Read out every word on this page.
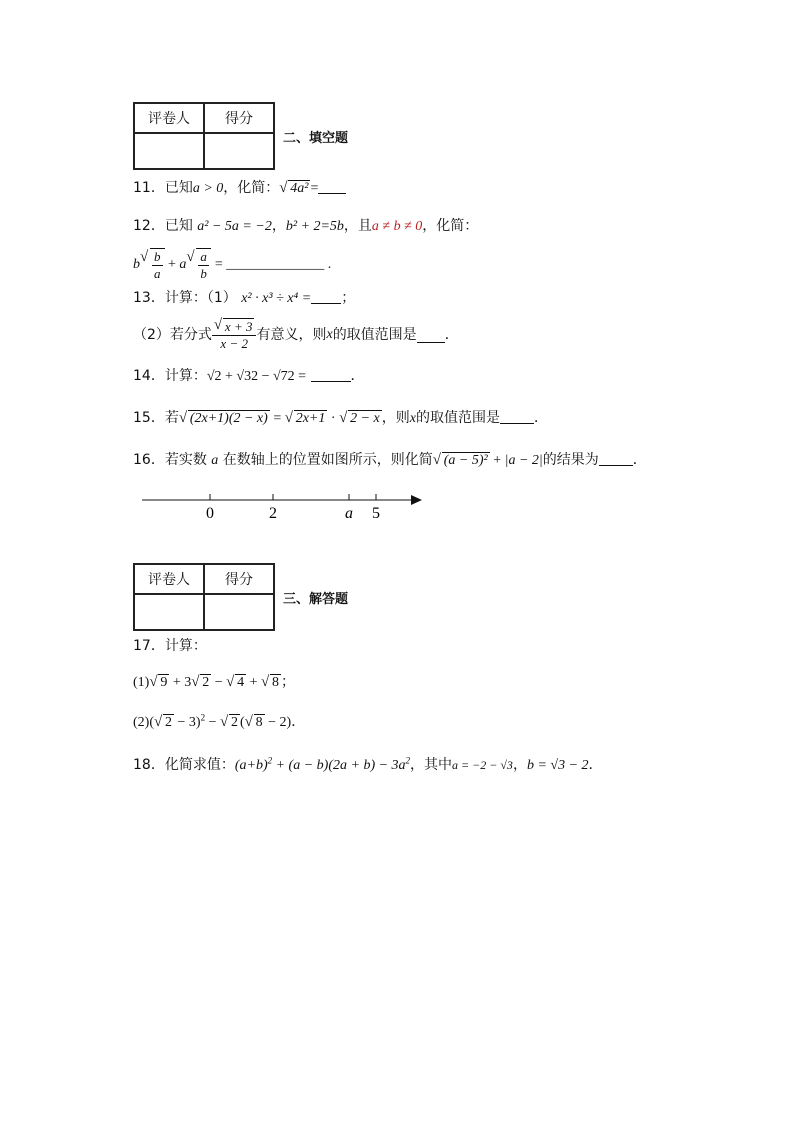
评卷人	得分

二、填空题
11．已知a > 0，化简： √ 4a² =
12．已知 a² − 5a = −2，b² + 2=5b，且a ≠ b ≠ 0，化简：
b √ $\frac{b}{a} + a$ √ $\frac{a}{b}$ = ______________ .
13．计算：（1） x² · x³ ÷ x⁴ = ；
（2）若分式 √ $\frac{x + 3}{x - 2}$ 有意义，则 x 的取值范围是 ．
14．计算：√2 + √32 − √72 =	．
15．若 √ (2x+1)(2 − x) = √ 2x+1 · √ 2 − x ，则x的取值范围是 ．
16．若实数 a 在数轴上的位置如图所示，则化简 √ (a − 5)² + |a − 2|的结果为 ．
0	2	a 5
评卷人	得分

三、解答题
17．计算：
(1) √ 9 + 3 √ 2 − √ 4 + √ 8 ；
(2)( √ 2 − 3)$^2$ − √ 2 ( √ 8 − 2)．
18．化简求值：$(a+b)^2 + (a - b)(2a + b) - 3a^2$，其中a = −2 − √3，b = √3 − 2．
